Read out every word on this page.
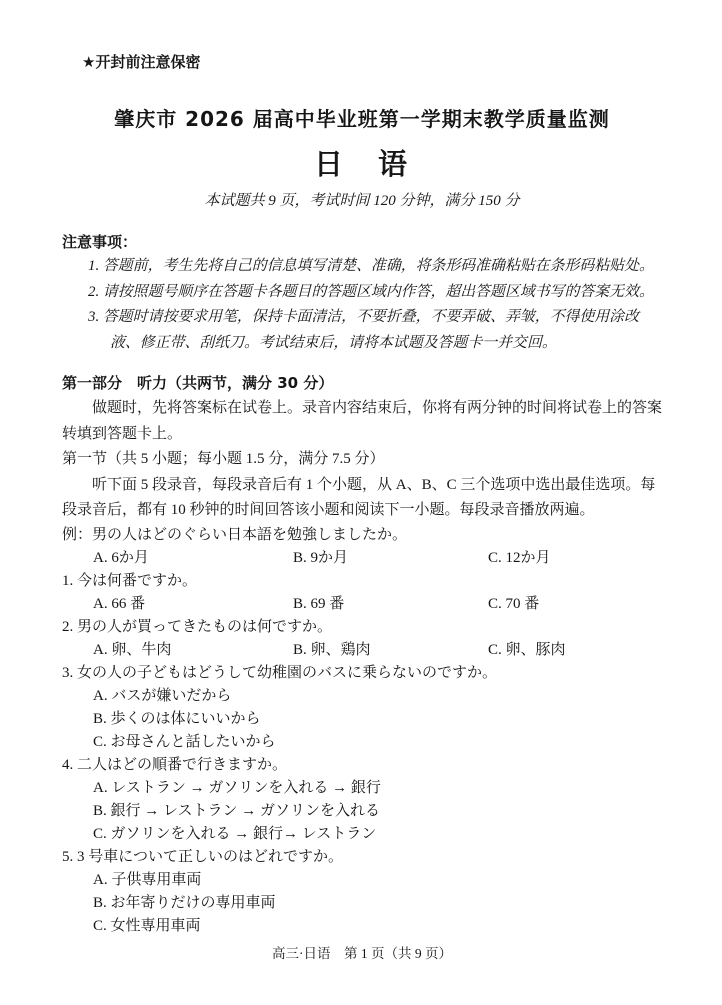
★开封前注意保密
肇庆市 2026 届高中毕业班第一学期末教学质量监测
日　语
本试题共 9 页，考试时间 120 分钟，满分 150 分
注意事项：
1. 答题前，考生先将自己的信息填写清楚、准确，将条形码准确粘贴在条形码粘贴处。
2. 请按照题号顺序在答题卡各题目的答题区域内作答，超出答题区域书写的答案无效。
3. 答题时请按要求用笔，保持卡面清洁，不要折叠，不要弄破、弄皱，不得使用涂改液、修正带、刮纸刀。考试结束后，请将本试题及答题卡一并交回。
第一部分　听力（共两节，满分 30 分）
做题时，先将答案标在试卷上。录音内容结束后，你将有两分钟的时间将试卷上的答案转填到答题卡上。
第一节（共 5 小题；每小题 1.5 分，满分 7.5 分）
听下面 5 段录音，每段录音后有 1 个小题，从 A、B、C 三个选项中选出最佳选项。每段录音后，都有 10 秒钟的时间回答该小题和阅读下一小题。每段录音播放两遍。
例：男の人はどのぐらい日本語を勉強しましたか。
A. 6か月	B. 9か月	C. 12か月
1. 今は何番ですか。
A. 66 番	B. 69 番	C. 70 番
2. 男の人が買ってきたものは何ですか。
A. 卵、牛肉	B. 卵、鶏肉	C. 卵、豚肉
3. 女の人の子どもはどうして幼稚園のバスに乗らないのですか。
A. バスが嫌いだから
B. 歩くのは体にいいから
C. お母さんと話したいから
4. 二人はどの順番で行きますか。
A. レストラン → ガソリンを入れる → 銀行
B. 銀行 → レストラン → ガソリンを入れる
C. ガソリンを入れる → 銀行→ レストラン
5. 3 号車について正しいのはどれですか。
A. 子供専用車両
B. お年寄りだけの専用車両
C. 女性専用車両
高三·日语　第 1 页（共 9 页）
